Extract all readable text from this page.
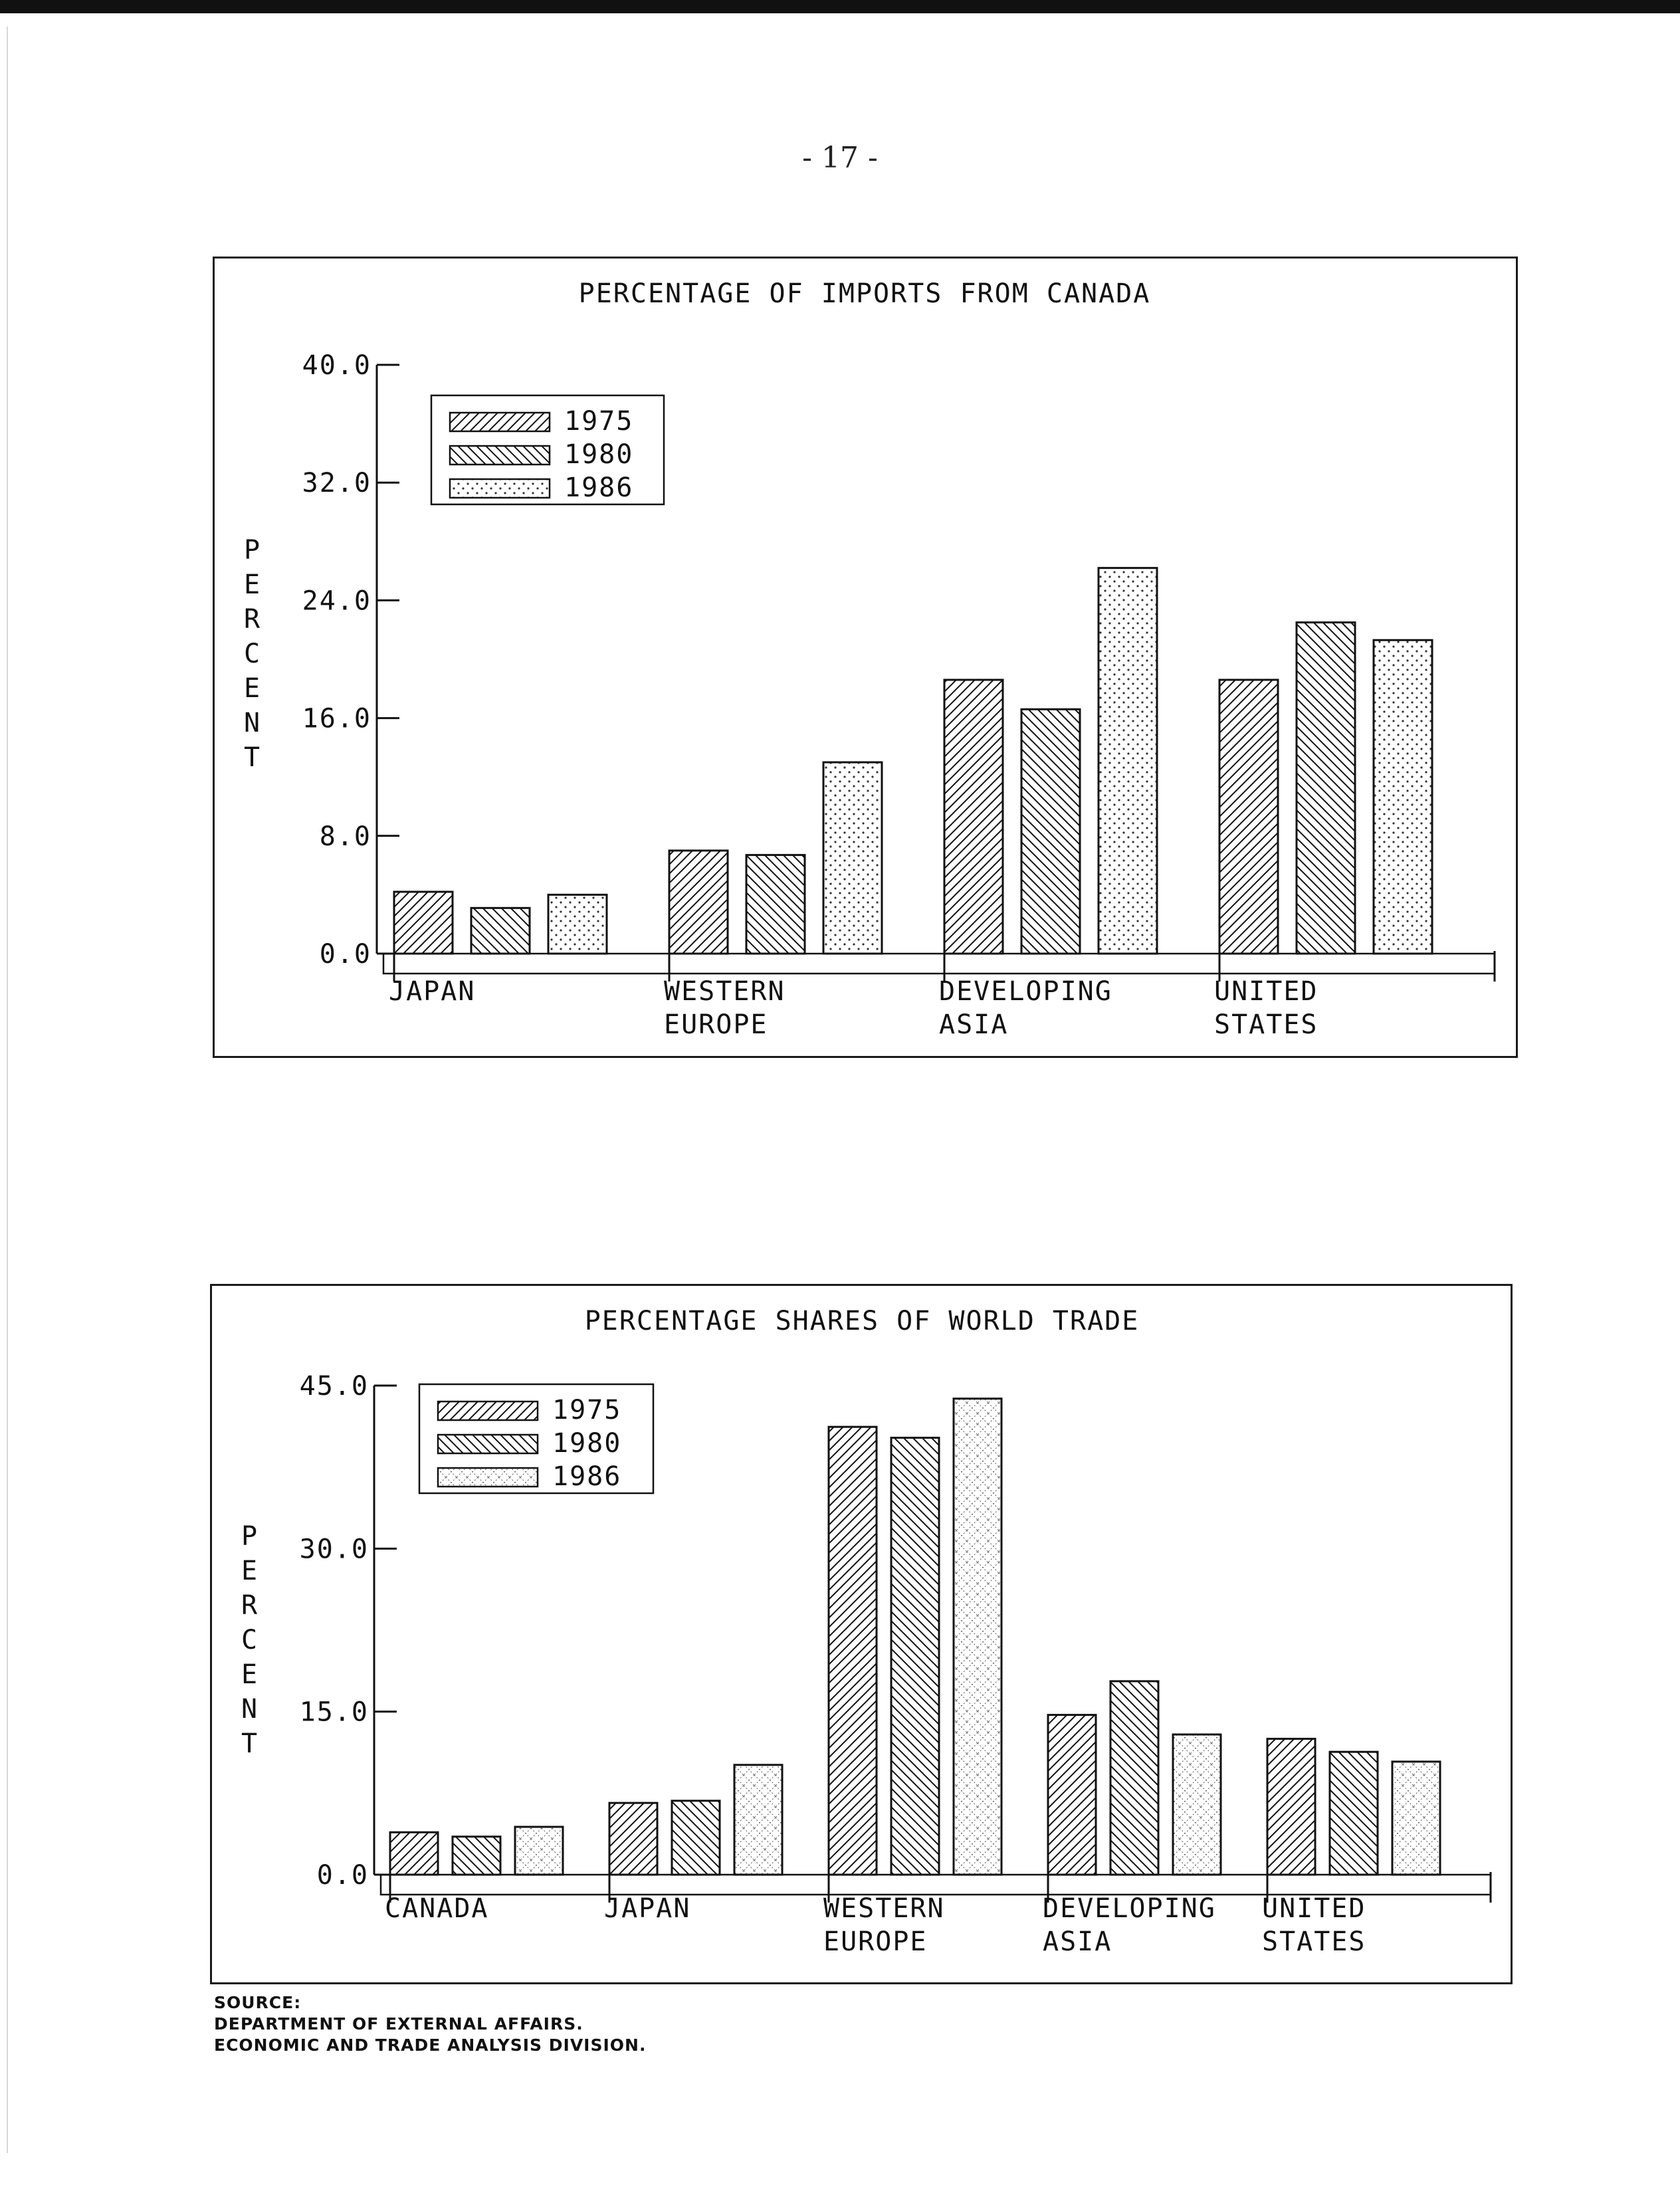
- 17 -
PERCENTAGE OF IMPORTS FROM CANADA
0.0
8.0
16.0
24.0
32.0
40.0
P E R C E N T
JAPAN	WESTERN EUROPE
DEVELOPING ASIA
UNITED STATES
1975
1980
1986
PERCENTAGE SHARES OF WORLD TRADE
0.0
15.0
30.0
45.0
P E R C E N T
CANADA	JAPAN	WESTERN EUROPE
DEVELOPING ASIA
UNITED STATES
1975
1980
1986
SOURCE:
DEPARTMENT OF EXTERNAL AFFAIRS.
ECONOMIC AND TRADE ANALYSIS DIVISION.
